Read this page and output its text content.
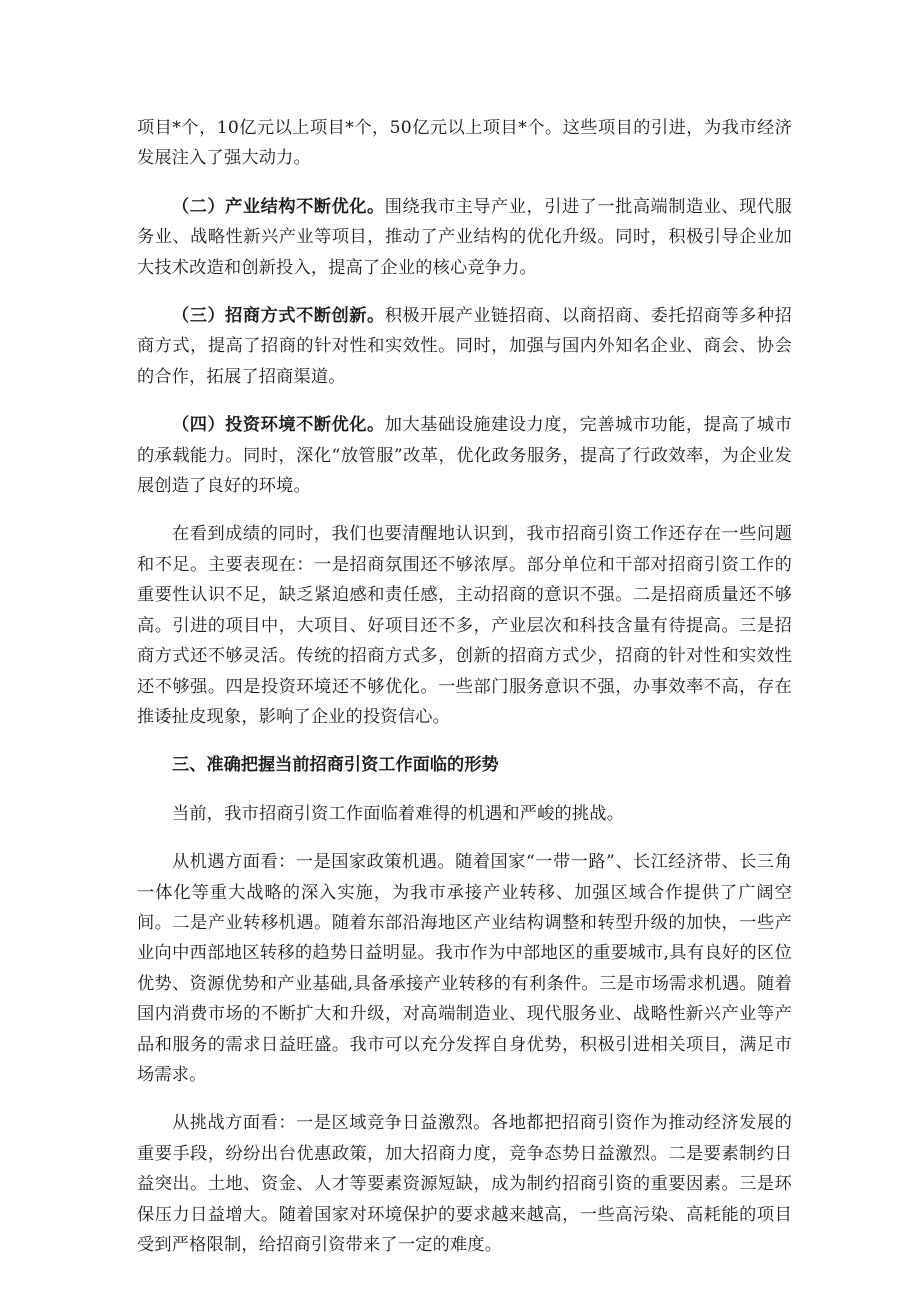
项目*个，10亿元以上项目*个，50亿元以上项目*个。这些项目的引进，为我市经济发展注入了强大动力。

（二）产业结构不断优化。围绕我市主导产业，引进了一批高端制造业、现代服务业、战略性新兴产业等项目，推动了产业结构的优化升级。同时，积极引导企业加大技术改造和创新投入，提高了企业的核心竞争力。

（三）招商方式不断创新。积极开展产业链招商、以商招商、委托招商等多种招商方式，提高了招商的针对性和实效性。同时，加强与国内外知名企业、商会、协会的合作，拓展了招商渠道。

（四）投资环境不断优化。加大基础设施建设力度，完善城市功能，提高了城市的承载能力。同时，深化“放管服”改革，优化政务服务，提高了行政效率，为企业发展创造了良好的环境。

在看到成绩的同时，我们也要清醒地认识到，我市招商引资工作还存在一些问题和不足。主要表现在：一是招商氛围还不够浓厚。部分单位和干部对招商引资工作的重要性认识不足，缺乏紧迫感和责任感，主动招商的意识不强。二是招商质量还不够高。引进的项目中，大项目、好项目还不多，产业层次和科技含量有待提高。三是招商方式还不够灵活。传统的招商方式多，创新的招商方式少，招商的针对性和实效性还不够强。四是投资环境还不够优化。一些部门服务意识不强，办事效率不高，存在推诿扯皮现象，影响了企业的投资信心。

三、准确把握当前招商引资工作面临的形势

当前，我市招商引资工作面临着难得的机遇和严峻的挑战。

从机遇方面看：一是国家政策机遇。随着国家“一带一路”、长江经济带、长三角一体化等重大战略的深入实施，为我市承接产业转移、加强区域合作提供了广阔空间。二是产业转移机遇。随着东部沿海地区产业结构调整和转型升级的加快，一些产业向中西部地区转移的趋势日益明显。我市作为中部地区的重要城市,具有良好的区位优势、资源优势和产业基础,具备承接产业转移的有利条件。三是市场需求机遇。随着国内消费市场的不断扩大和升级，对高端制造业、现代服务业、战略性新兴产业等产品和服务的需求日益旺盛。我市可以充分发挥自身优势，积极引进相关项目，满足市场需求。

从挑战方面看：一是区域竞争日益激烈。各地都把招商引资作为推动经济发展的重要手段，纷纷出台优惠政策，加大招商力度，竞争态势日益激烈。二是要素制约日益突出。土地、资金、人才等要素资源短缺，成为制约招商引资的重要因素。三是环保压力日益增大。随着国家对环境保护的要求越来越高，一些高污染、高耗能的项目受到严格限制，给招商引资带来了一定的难度。
